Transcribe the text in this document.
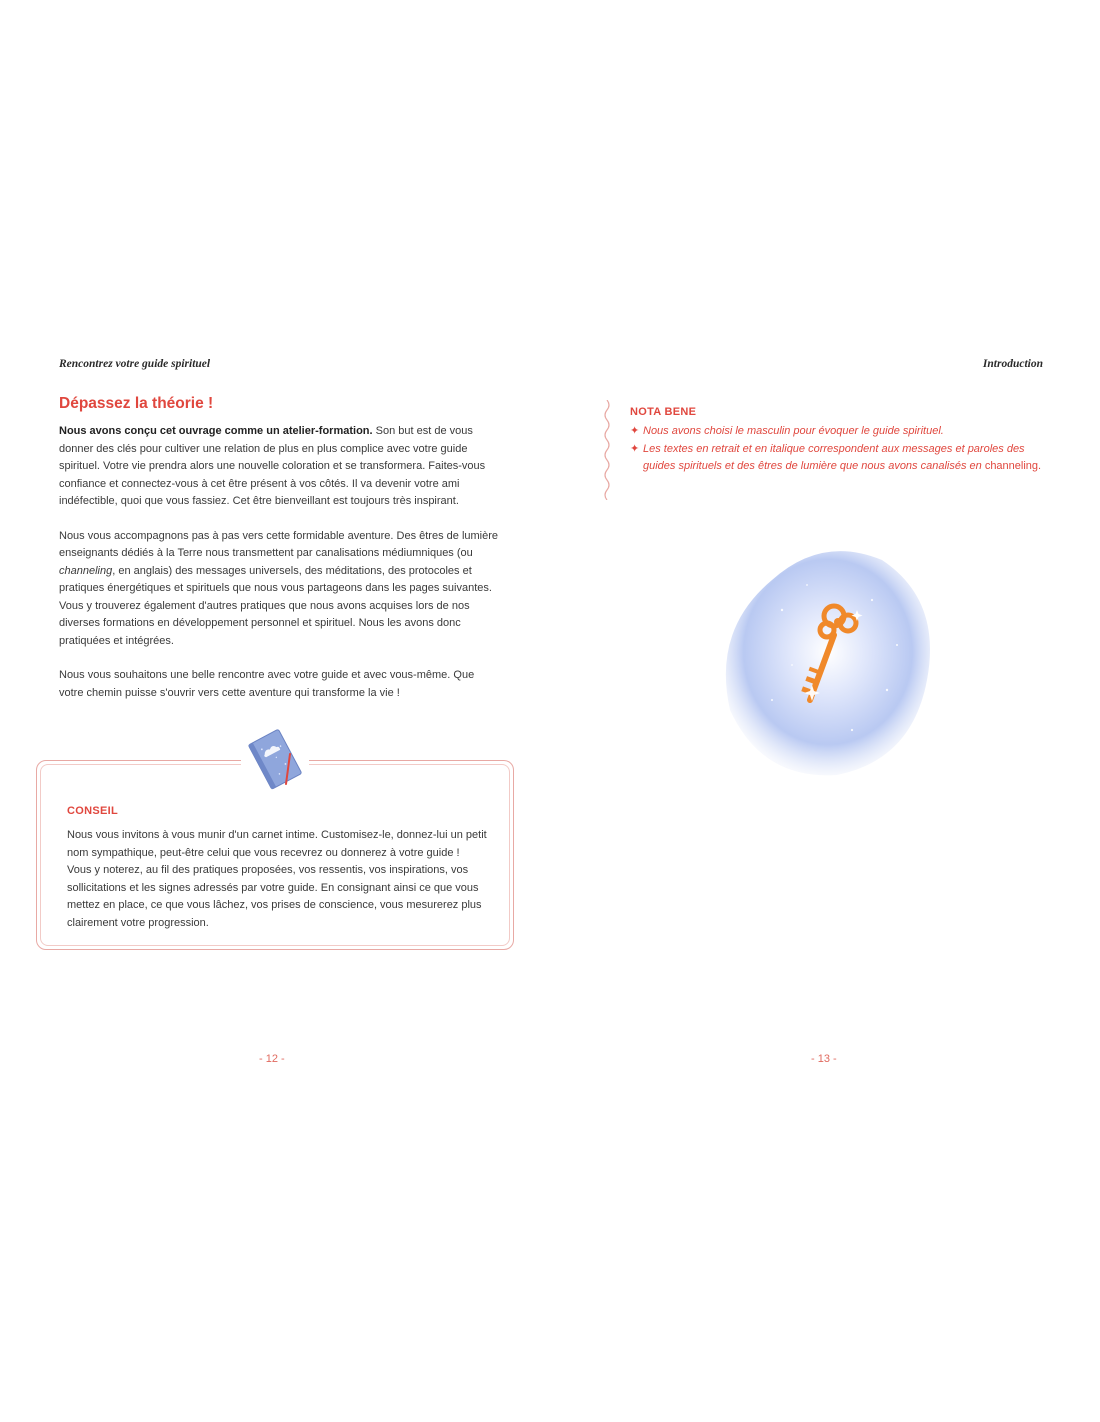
Rencontrez votre guide spirituel	Introduction
Dépassez la théorie !

Nous avons conçu cet ouvrage comme un atelier-formation. Son but est de vous donner des clés pour cultiver une relation de plus en plus complice avec votre guide spirituel. Votre vie prendra alors une nouvelle coloration et se transformera. Faites-vous confiance et connectez-vous à cet être présent à vos côtés. Il va devenir votre ami indéfectible, quoi que vous fassiez. Cet être bienveillant est toujours très inspirant.

Nous vous accompagnons pas à pas vers cette formidable aventure. Des êtres de lumière enseignants dédiés à la Terre nous transmettent par canalisations médiumniques (ou channeling, en anglais) des messages universels, des méditations, des protocoles et pratiques énergétiques et spirituels que nous vous partageons dans les pages suivantes. Vous y trouverez également d'autres pratiques que nous avons acquises lors de nos diverses formations en développement personnel et spirituel. Nous les avons donc pratiquées et intégrées.

Nous vous souhaitons une belle rencontre avec votre guide et avec vous-même. Que votre chemin puisse s'ouvrir vers cette aventure qui transforme la vie !

CONSEIL

Nous vous invitons à vous munir d'un carnet intime. Customisez-le, donnez-lui un petit nom sympathique, peut-être celui que vous recevrez ou donnerez à votre guide ! Vous y noterez, au fil des pratiques proposées, vos ressentis, vos inspirations, vos sollicitations et les signes adressés par votre guide. En consignant ainsi ce que vous mettez en place, ce que vous lâchez, vos prises de conscience, vous mesurerez plus clairement votre progression.

NOTA BENE
✦ Nous avons choisi le masculin pour évoquer le guide spirituel.
✦ Les textes en retrait et en italique correspondent aux messages et paroles des guides spirituels et des êtres de lumière que nous avons canalisés en channeling.
- 12 -	- 13 -
